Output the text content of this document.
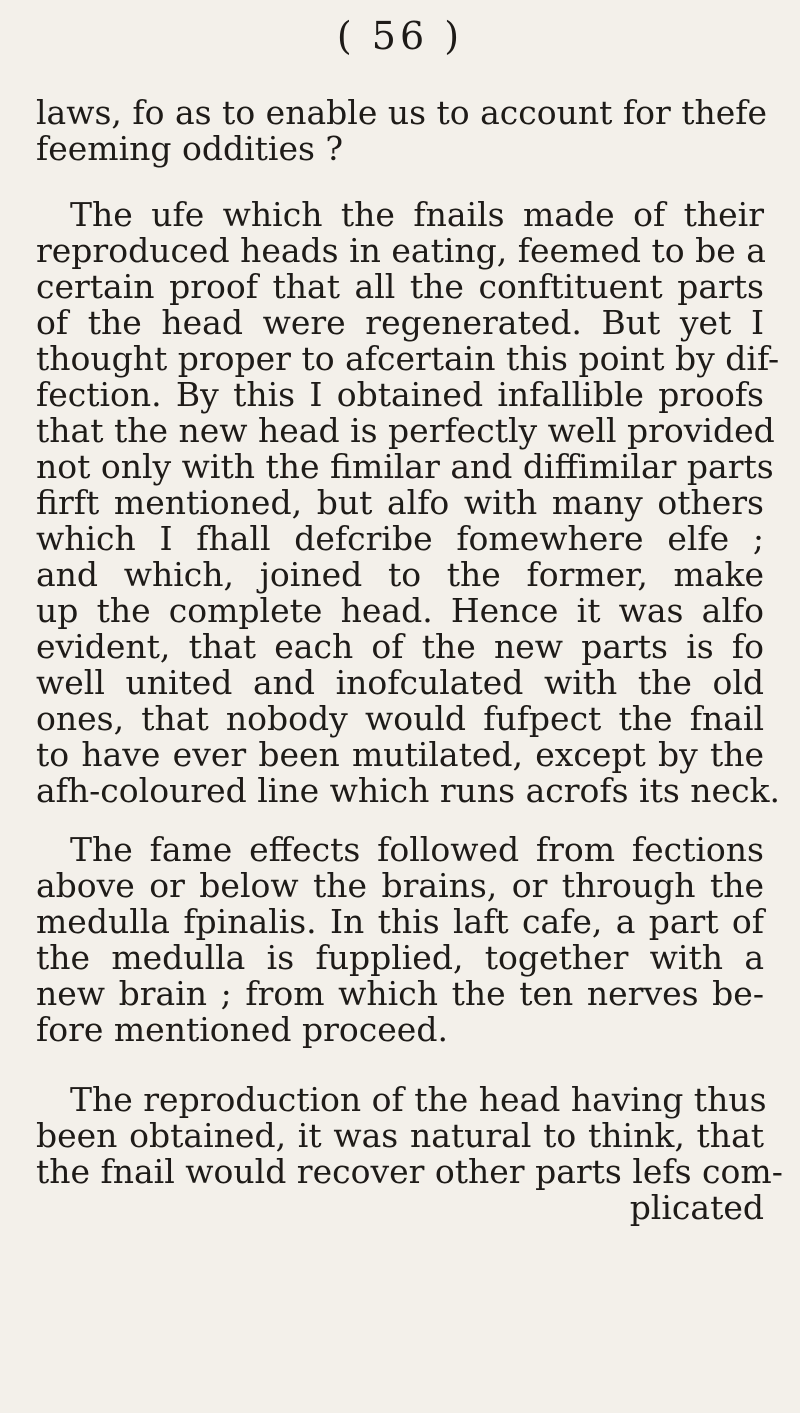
( 56 )
laws, fo as to enable us to account for thefe
feeming oddities ?
The ufe which the fnails made of their
reproduced heads in eating, feemed to be a
certain proof that all the conftituent parts
of the head were regenerated. But yet I
thought proper to afcertain this point by dif-
fection. By this I obtained infallible proofs
that the new head is perfectly well provided
not only with the fimilar and diffimilar parts
firft mentioned, but alfo with many others
which I fhall defcribe fomewhere elfe ;
and which, joined to the former, make
up the complete head. Hence it was alfo
evident, that each of the new parts is fo
well united and inofculated with the old
ones, that nobody would fufpect the fnail
to have ever been mutilated, except by the
afh-coloured line which runs acrofs its neck.
The fame effects followed from fections
above or below the brains, or through the
medulla fpinalis. In this laft cafe, a part of
the medulla is fupplied, together with a
new brain ; from which the ten nerves be-
fore mentioned proceed.
The reproduction of the head having thus
been obtained, it was natural to think, that
the fnail would recover other parts lefs com-
plicated
